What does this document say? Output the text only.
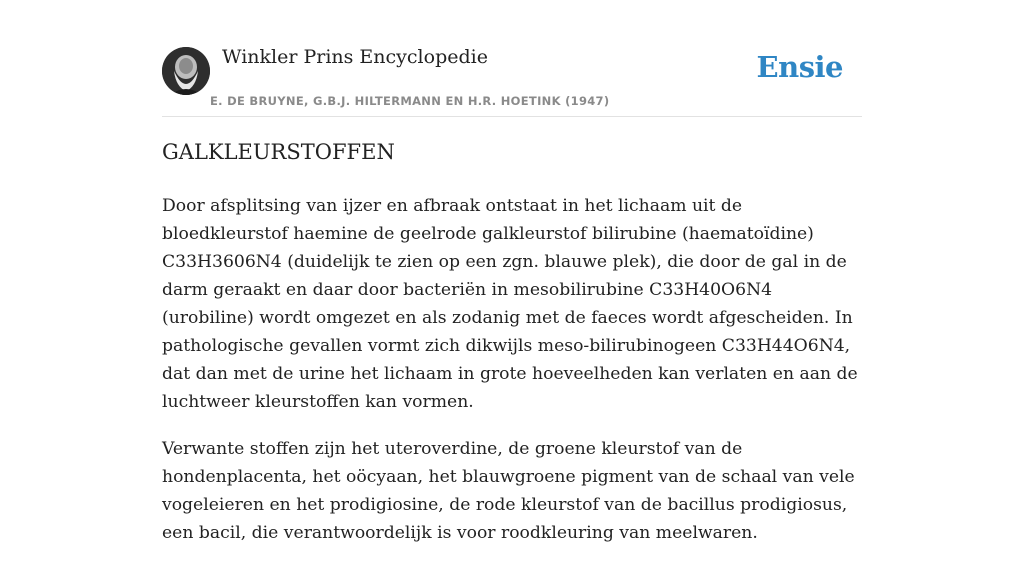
Winkler Prins Encyclopedie
E. DE BRUYNE, G.B.J. HILTERMANN EN H.R. HOETINK (1947)
Ensie
GALKLEURSTOFFEN

Door afsplitsing van ijzer en afbraak ontstaat in het lichaam uit de bloedkleurstof haemine de geelrode galkleurstof bilirubine (haematoïdine) C33H3606N4 (duidelijk te zien op een zgn. blauwe plek), die door de gal in de darm geraakt en daar door bacteriën in mesobilirubine C33H40O6N4 (urobiline) wordt omgezet en als zodanig met de faeces wordt afgescheiden. In pathologische gevallen vormt zich dikwijls meso-bilirubinogeen C33H44O6N4, dat dan met de urine het lichaam in grote hoeveelheden kan verlaten en aan de luchtweer kleurstoffen kan vormen.

Verwante stoffen zijn het uteroverdine, de groene kleurstof van de hondenplacenta, het oöcyaan, het blauwgroene pigment van de schaal van vele vogeleieren en het prodigiosine, de rode kleurstof van de bacillus prodigiosus, een bacil, die verantwoordelijk is voor roodkleuring van meelwaren.
